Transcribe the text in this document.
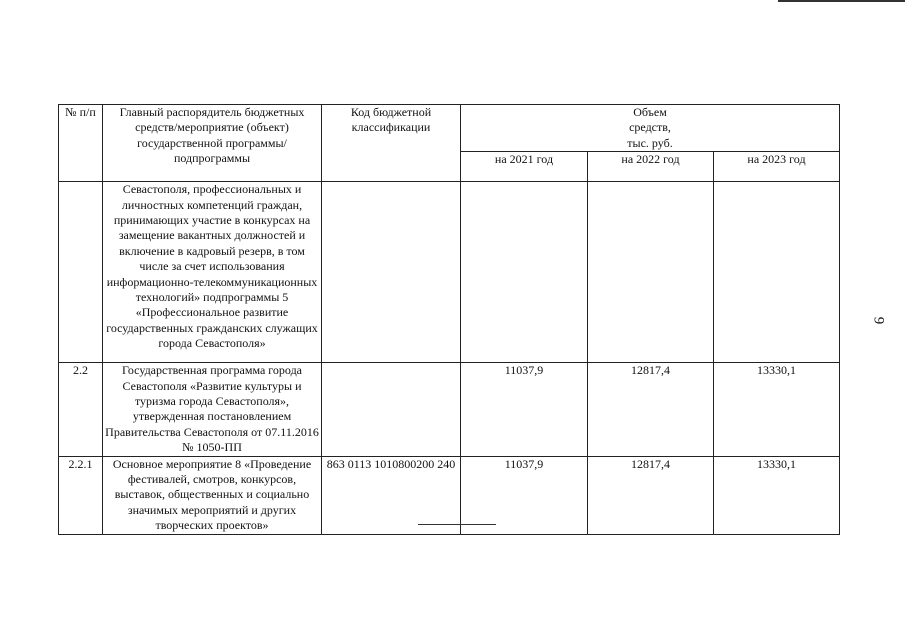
№ п/п	Главный распорядитель бюджетных средств/мероприятие (объект) государственной программы/подпрограммы	Код бюджетной классификации	Объем средств, тыс. руб.		
			на 2021 год	на 2022 год	на 2023 год
	Севастополя, профессиональных и личностных компетенций граждан, принимающих участие в конкурсах на замещение вакантных должностей и включение в кадровый резерв, в том числе за счет использования информационно-телекоммуникационных технологий» подпрограммы 5 «Профессиональное развитие государственных гражданских служащих города Севастополя»				
2.2	Государственная программа города Севастополя «Развитие культуры и туризма города Севастополя», утвержденная постановлением Правительства Севастополя от 07.11.2016 № 1050-ПП		11037,9	12817,4	13330,1
2.2.1	Основное мероприятие 8 «Проведение фестивалей, смотров, конкурсов, выставок, общественных и социально значимых мероприятий и других творческих проектов»	863 0113 1010800200 240	11037,9	12817,4	13330,1
9
